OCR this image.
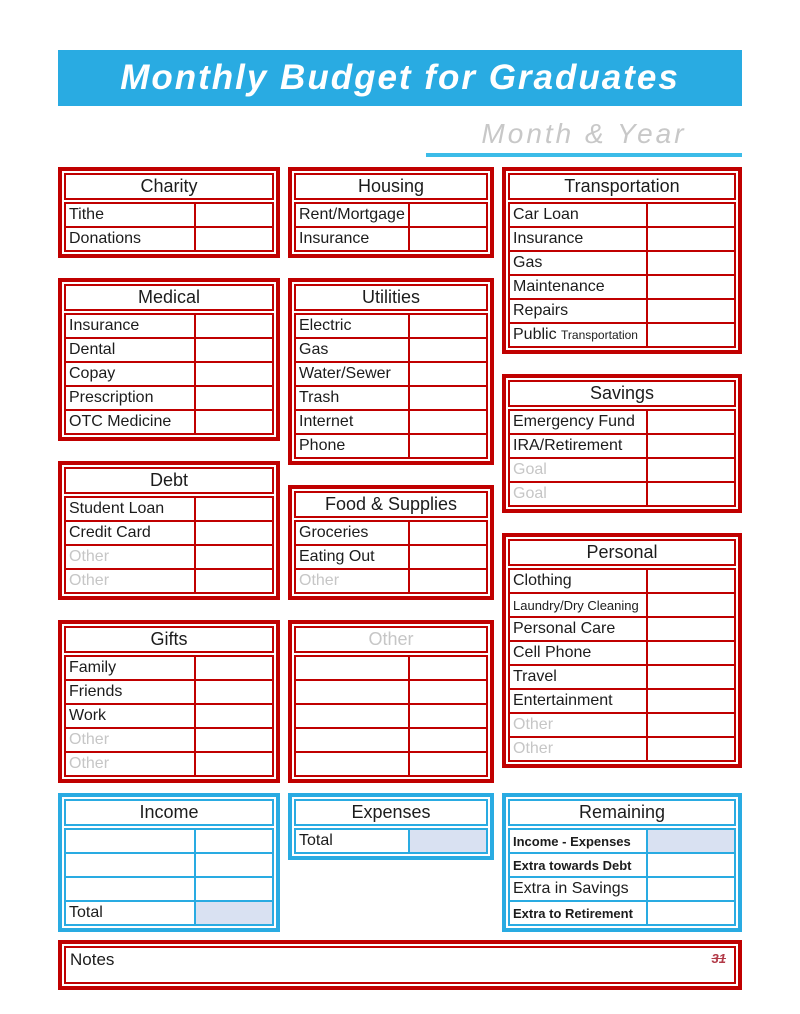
Monthly Budget for Graduates
Month & Year
Charity
Tithe	
Donations	
Medical
Insurance	
Dental	
Copay	
Prescription	
OTC Medicine	
Debt
Student Loan	
Credit Card	
Other	
Other	
Gifts
Family	
Friends	
Work	
Other	
Other	
Housing
Rent/Mortgage	
Insurance	
Utilities
Electric	
Gas	
Water/Sewer	
Trash	
Internet	
Phone	
Food & Supplies
Groceries	
Eating Out	
Other	
Other

Transportation
Car Loan	
Insurance	
Gas	
Maintenance	
Repairs	
Public Transportation	
Savings
Emergency Fund	
IRA/Retirement	
Goal	
Goal	
Personal
Clothing	
Laundry/Dry Cleaning	
Personal Care	
Cell Phone	
Travel	
Entertainment	
Other	
Other	
Income

Total	
Expenses
Total	
Remaining
Income - Expenses	
Extra towards Debt	
Extra in Savings	
Extra to Retirement	
Notes	31
